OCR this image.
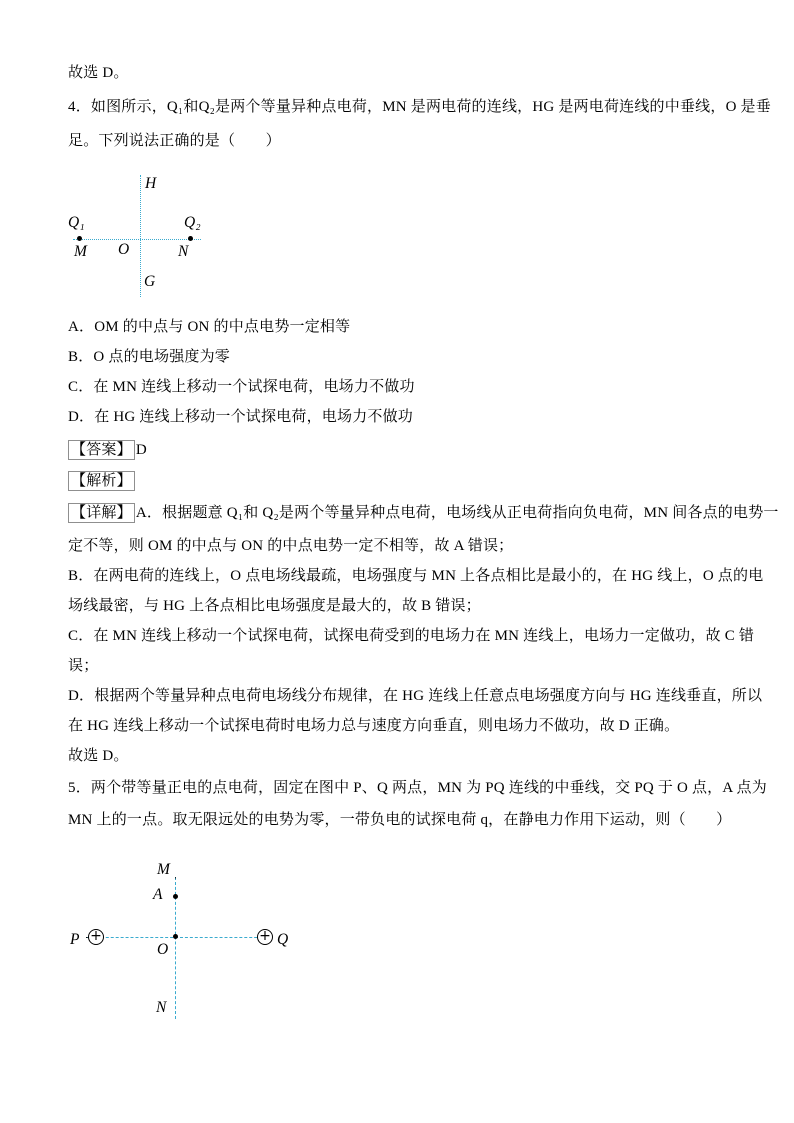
故选 D。
4．如图所示，Q₁和Q₂是两个等量异种点电荷，MN 是两电荷的连线，HG 是两电荷连线的中垂线，O 是垂
足。下列说法正确的是（　　）
H
Q₁	Q₂
M O	N
G
A．OM 的中点与 ON 的中点电势一定相等
B．O 点的电场强度为零
C．在 MN 连线上移动一个试探电荷，电场力不做功
D．在 HG 连线上移动一个试探电荷，电场力不做功
【答案】 D
【解析】
【详解】 A．根据题意 Q₁和 Q₂是两个等量异种点电荷，电场线从正电荷指向负电荷，MN 间各点的电势一
定不等，则 OM 的中点与 ON 的中点电势一定不相等，故 A 错误；
B．在两电荷的连线上，O 点电场线最疏，电场强度与 MN 上各点相比是最小的，在 HG 线上，O 点的电
场线最密，与 HG 上各点相比电场强度是最大的，故 B 错误；
C．在 MN 连线上移动一个试探电荷，试探电荷受到的电场力在 MN 连线上，电场力一定做功，故 C 错
误；
D．根据两个等量异种点电荷电场线分布规律，在 HG 连线上任意点电场强度方向与 HG 连线垂直，所以
在 HG 连线上移动一个试探电荷时电场力总与速度方向垂直，则电场力不做功，故 D 正确。
故选 D。
5．两个带等量正电的点电荷，固定在图中 P、Q 两点，MN 为 PQ 连线的中垂线，交 PQ 于 O 点，A 点为
MN 上的一点。取无限远处的电势为零，一带负电的试探电荷 q，在静电力作用下运动，则（　　）
M
A
+
P
O
+ Q
N
